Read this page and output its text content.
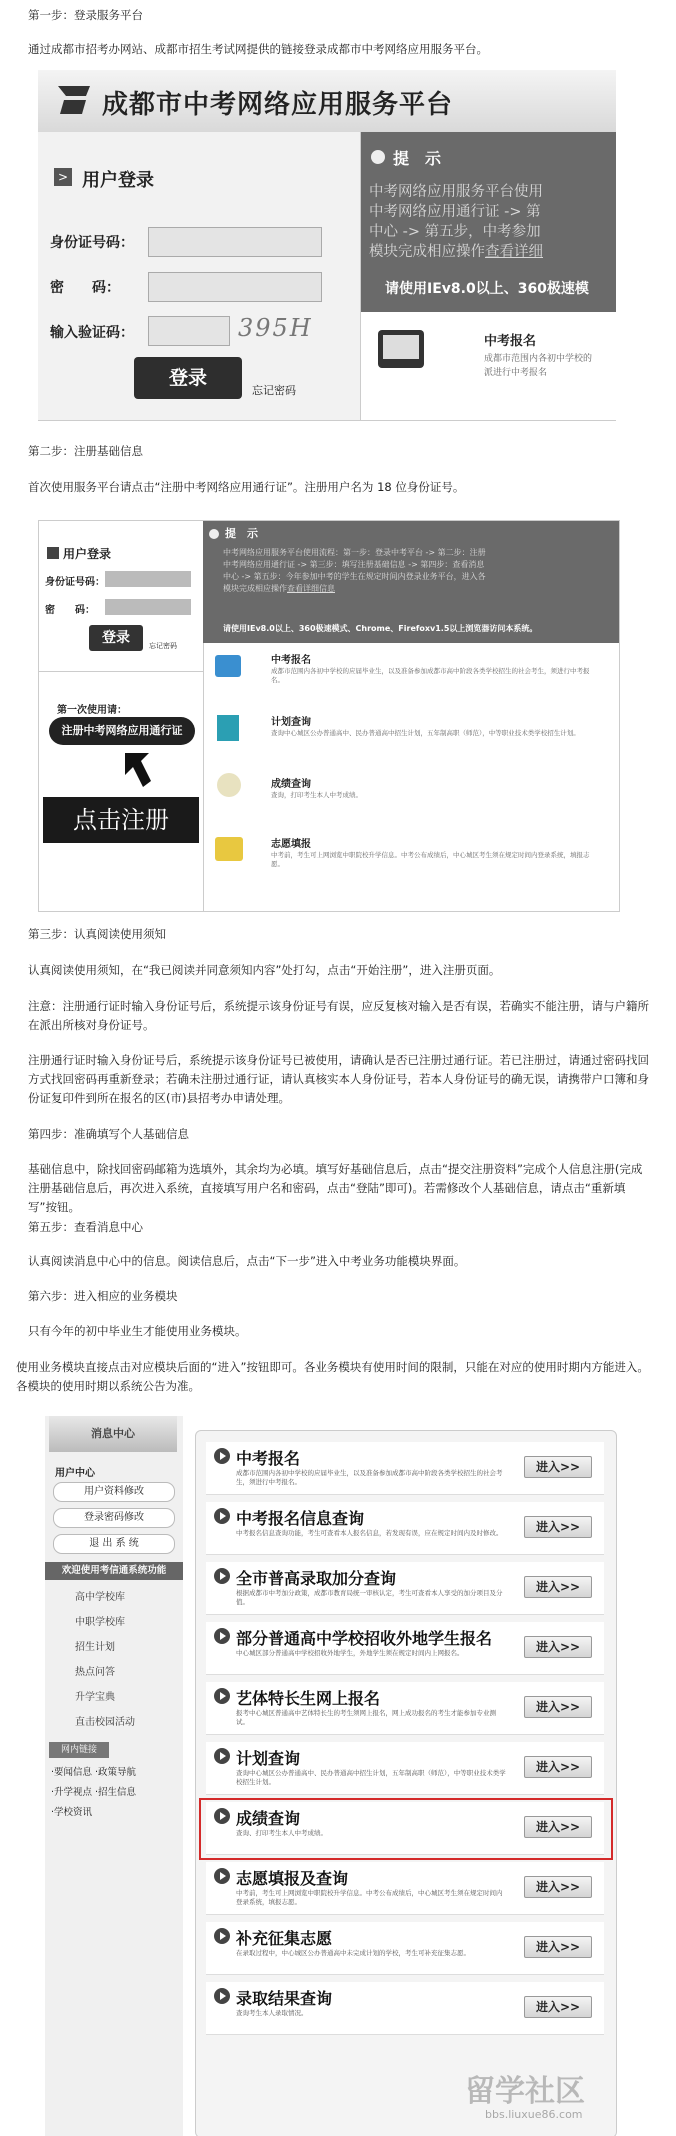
第一步：登录服务平台
通过成都市招考办网站、成都市招生考试网提供的链接登录成都市中考网络应用服务平台。
成都市中考网络应用服务平台
> 用户登录
身份证号码：
密　　码：
输入验证码：	395H
登录
忘记密码
提　示
中考网络应用服务平台使用
中考网络应用通行证 -> 第
中心 -> 第五步，中考参加
模块完成相应操作查看详细
请使用IEv8.0以上、360极速模
中考报名
成都市范围内各初中学校的
派进行中考报名
第二步：注册基础信息
首次使用服务平台请点击“注册中考网络应用通行证”。注册用户名为 18 位身份证号。
用户登录
身份证号码：
密　　码：
登录	忘记密码
第一次使用请：
注册中考网络应用通行证
点击注册
提　示
中考网络应用服务平台使用流程：第一步：登录中考平台 -> 第二步：注册
中考网络应用通行证 -> 第三步：填写注册基础信息 -> 第四步：查看消息
中心 -> 第五步：今年参加中考的学生在规定时间内登录业务平台，进入各
模块完成相应操作查看详细信息
请使用IEv8.0以上、360极速模式、Chrome、Firefoxv1.5以上浏览器访问本系统。
中考报名
成都市范围内各初中学校的应届毕业生，以及准备参加成都市高中阶段各类学校招生的社会考生，须进行中考报名。
计划查询
查询中心城区公办普通高中、民办普通高中招生计划，五年制高职（师范），中等职业技术类学校招生计划。
成绩查询
查询，打印考生本人中考成绩。
志愿填报
中考前，考生可上网浏览中职院校升学信息。中考公布成绩后，中心城区考生须在规定时间内登录系统，填报志愿。
第三步：认真阅读使用须知
认真阅读使用须知，在“我已阅读并同意须知内容”处打勾，点击“开始注册”，进入注册页面。
注意：注册通行证时输入身份证号后，系统提示该身份证号有误，应反复核对输入是否有误，若确实不能注册，请与户籍所在派出所核对身份证号。
注册通行证时输入身份证号后，系统提示该身份证号已被使用，请确认是否已注册过通行证。若已注册过，请通过密码找回方式找回密码再重新登录；若确未注册过通行证，请认真核实本人身份证号，若本人身份证号的确无误，请携带户口簿和身份证复印件到所在报名的区(市)县招考办申请处理。
第四步：准确填写个人基础信息
基础信息中，除找回密码邮箱为选填外，其余均为必填。填写好基础信息后，点击“提交注册资料”完成个人信息注册(完成注册基础信息后，再次进入系统，直接填写用户名和密码，点击“登陆”即可)。若需修改个人基础信息，请点击“重新填写”按钮。
第五步：查看消息中心
认真阅读消息中心中的信息。阅读信息后，点击“下一步”进入中考业务功能模块界面。
第六步：进入相应的业务模块
只有今年的初中毕业生才能使用业务模块。
使用业务模块直接点击对应模块后面的“进入”按钮即可。各业务模块有使用时间的限制，只能在对应的使用时期内方能进入。各模块的使用时期以系统公告为准。
消息中心
用户中心
用户资料修改
登录密码修改
退 出 系 统
欢迎使用考信通系统功能
高中学校库
中职学校库
招生计划
热点问答
升学宝典
直击校园活动
网内链接
·要闻信息 ·政策导航
·升学视点 ·招生信息
·学校资讯
中考报名
成都市范围内各初中学校的应届毕业生，以及准备参加成都市高中阶段各类学校招生的社会考生，须进行中考报名。
进入>>
中考报名信息查询
中考报名信息查询功能，考生可查看本人报名信息，若发现有误，应在规定时间内及时修改。	进入>>
全市普高录取加分查询
根据成都市中考加分政策，成都市教育局统一审核认定，考生可查看本人享受的加分项目及分值。
进入>>
部分普通高中学校招收外地学生报名
中心城区部分普通高中学校招收外地学生，外地学生须在规定时间内上网报名。	进入>>
艺体特长生网上报名
报考中心城区普通高中艺体特长生的考生须网上报名，网上成功报名的考生才能参加专业测试。
进入>>
计划查询
查询中心城区公办普通高中、民办普通高中招生计划，五年制高职（师范），中等职业技术类学校招生计划。
进入>>
成绩查询
查询、打印考生本人中考成绩。	进入>>
志愿填报及查询
中考前，考生可上网浏览中职院校升学信息。中考公布成绩后，中心城区考生须在规定时间内登录系统，填报志愿。
进入>>
补充征集志愿
在录取过程中，中心城区公办普通高中未完成计划的学校，考生可补充征集志愿。	进入>>
录取结果查询
查询考生本人录取情况。	进入>>
留学社区
bbs.liuxue86.com
